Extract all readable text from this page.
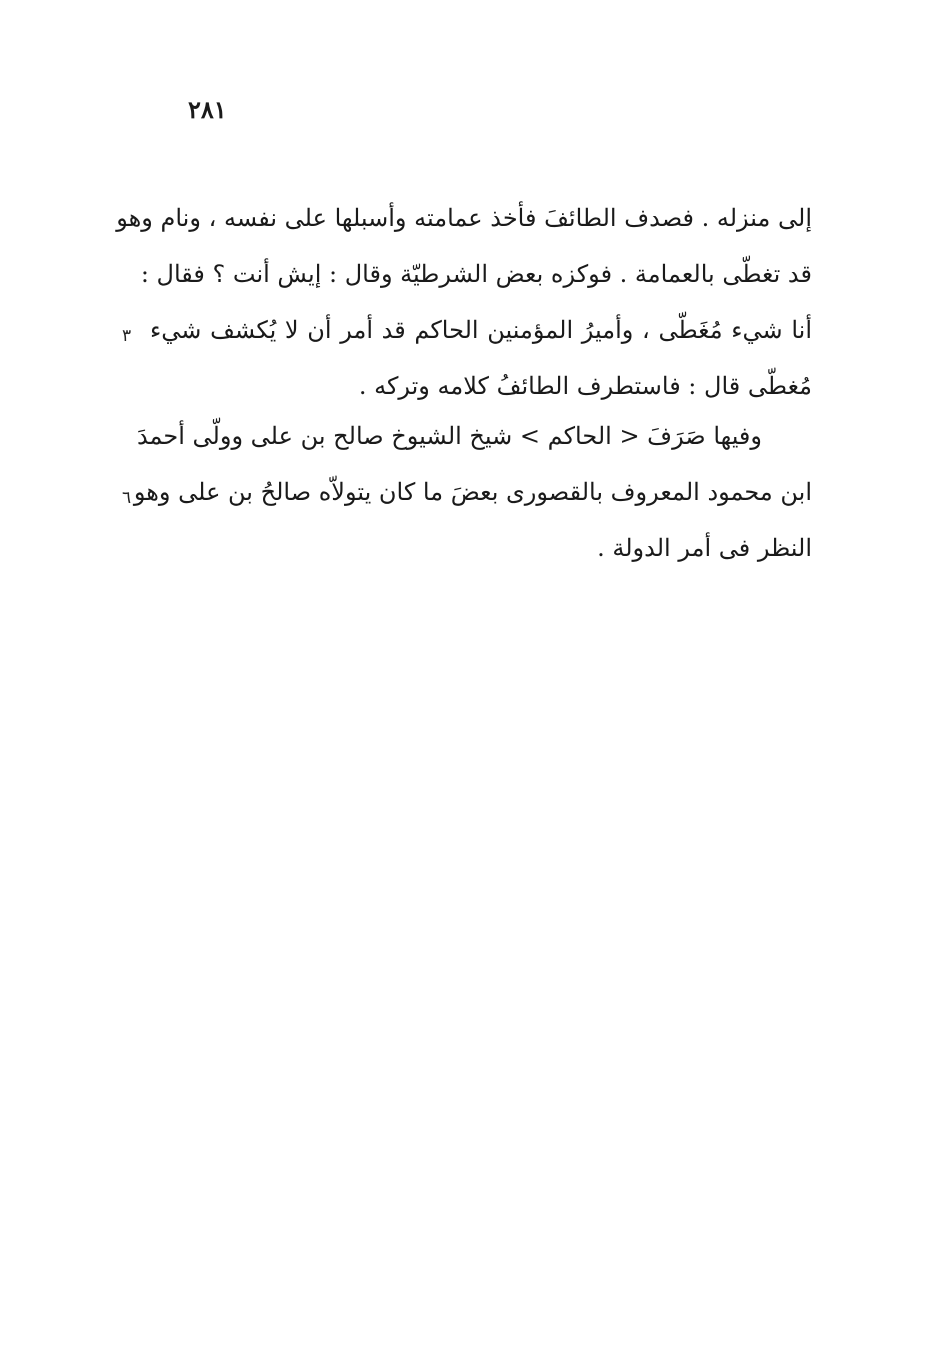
٢٨١
إلى منزله . فصدف الطائفَ فأخذ عمامته وأسبلها على نفسه ، ونام وهو
قد تغطّى بالعمامة . فوكزه بعض الشرطيّة وقال : إيش أنت ؟ فقال :
أنا شيء مُغَطّى ، وأميرُ المؤمنين الحاكم قد أمر أن لا يُكشف شيء
مُغطّى قال : فاستطرف الطائفُ كلامه وتركه .
وفيها صَرَفَ < الحاكم > شيخ الشيوخ صالح بن على وولّى أحمدَ
ابن محمود المعروف بالقصورى بعضَ ما كان يتولاّه صالحُ بن على وهو
النظر فى أمر الدولة .
٣
٦
